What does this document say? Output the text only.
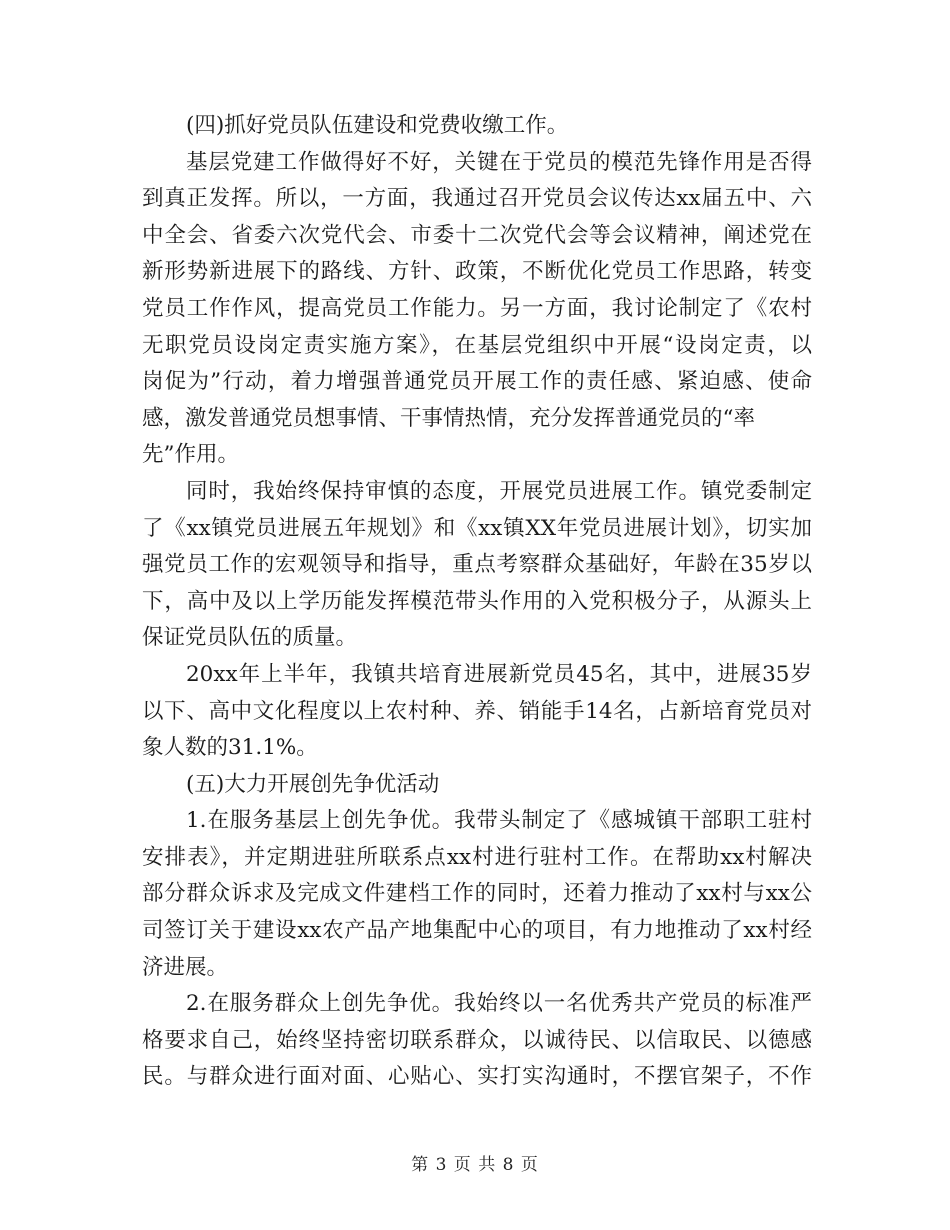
(四)抓好党员队伍建设和党费收缴工作。
基层党建工作做得好不好，关键在于党员的模范先锋作用是否得
到真正发挥。所以，一方面，我通过召开党员会议传达xx届五中、六
中全会、省委六次党代会、市委十二次党代会等会议精神，阐述党在
新形势新进展下的路线、方针、政策，不断优化党员工作思路，转变
党员工作作风，提高党员工作能力。另一方面，我讨论制定了《农村
无职党员设岗定责实施方案》，在基层党组织中开展“设岗定责，以
岗促为”行动，着力增强普通党员开展工作的责任感、紧迫感、使命
感，激发普通党员想事情、干事情热情，充分发挥普通党员的“率
先”作用。
同时，我始终保持审慎的态度，开展党员进展工作。镇党委制定
了《xx镇党员进展五年规划》和《xx镇XX年党员进展计划》，切实加
强党员工作的宏观领导和指导，重点考察群众基础好，年龄在35岁以
下，高中及以上学历能发挥模范带头作用的入党积极分子，从源头上
保证党员队伍的质量。
20xx年上半年，我镇共培育进展新党员45名，其中，进展35岁
以下、高中文化程度以上农村种、养、销能手14名，占新培育党员对
象人数的31.1%。
(五)大力开展创先争优活动
1.在服务基层上创先争优。我带头制定了《感城镇干部职工驻村
安排表》，并定期进驻所联系点xx村进行驻村工作。在帮助xx村解决
部分群众诉求及完成文件建档工作的同时，还着力推动了xx村与xx公
司签订关于建设xx农产品产地集配中心的项目，有力地推动了xx村经
济进展。
2.在服务群众上创先争优。我始终以一名优秀共产党员的标准严
格要求自己，始终坚持密切联系群众，以诚待民、以信取民、以德感
民。与群众进行面对面、心贴心、实打实沟通时，不摆官架子，不作
第 3 页 共 8 页
